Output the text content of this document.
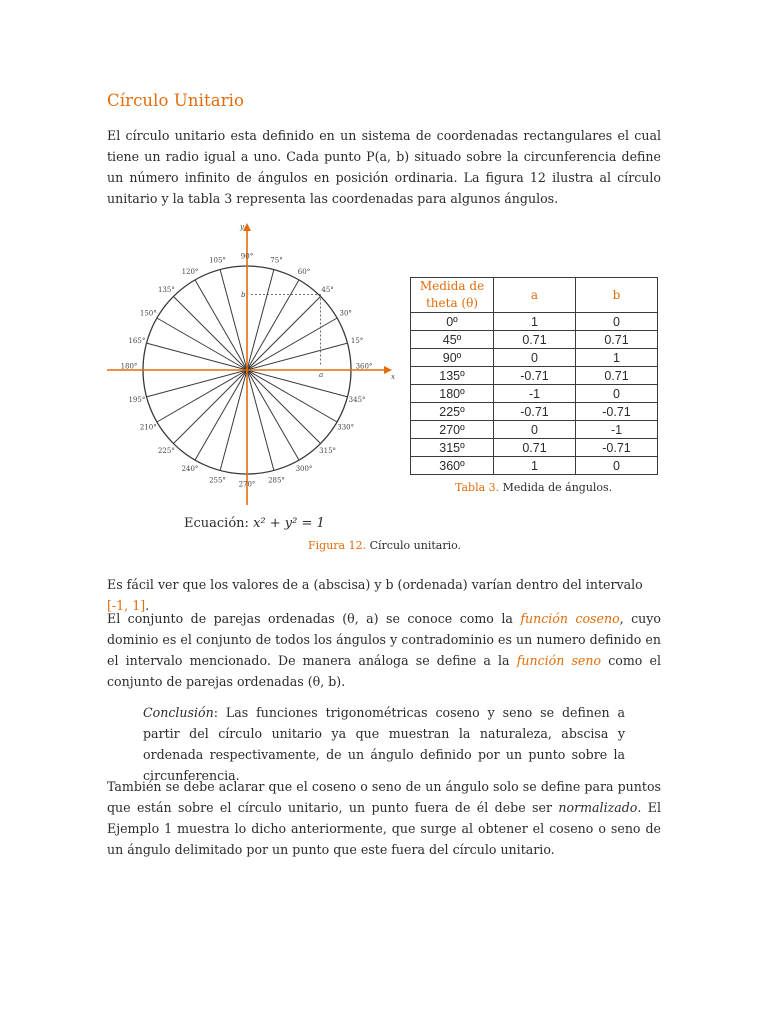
Círculo Unitario

El círculo unitario esta definido en un sistema de coordenadas rectangulares el cual tiene un radio igual a uno. Cada punto P(a, b) situado sobre la circunferencia define un número infinito de ángulos en posición ordinaria. La figura 12 ilustra al círculo unitario y la tabla 3 representa las coordenadas para algunos ángulos.

x
y
a
b
15°
30°
45°
60°
75°
90°
105°
120°
135°
150°
165°
180°
195°
210°
225°
240°
255° 270° 285°
300°
315°
330°
345°
360°
Ecuación: x² + y² = 1
Figura 12. Círculo unitario.
Medida de
theta (θ)	a	b
0º	1	0
45º	0.71	0.71
90º	0	1
135º	-0.71	0.71
180º	-1	0
225º	-0.71	-0.71
270º	0	-1
315º	0.71	-0.71
360º	1	0
Tabla 3. Medida de ángulos.

Es fácil ver que los valores de a (abscisa) y b (ordenada) varían dentro del intervalo [-1, 1].

El conjunto de parejas ordenadas (θ, a) se conoce como la función coseno, cuyo dominio es el conjunto de todos los ángulos y contradominio es un numero definido en el intervalo mencionado. De manera análoga se define a la función seno como el conjunto de parejas ordenadas (θ, b).

Conclusión: Las funciones trigonométricas coseno y seno se definen a partir del círculo unitario ya que muestran la naturaleza, abscisa y ordenada respectivamente, de un ángulo definido por un punto sobre la circunferencia.

También se debe aclarar que el coseno o seno de un ángulo solo se define para puntos que están sobre el círculo unitario, un punto fuera de él debe ser normalizado. El Ejemplo 1 muestra lo dicho anteriormente, que surge al obtener el coseno o seno de un ángulo delimitado por un punto que este fuera del círculo unitario.
